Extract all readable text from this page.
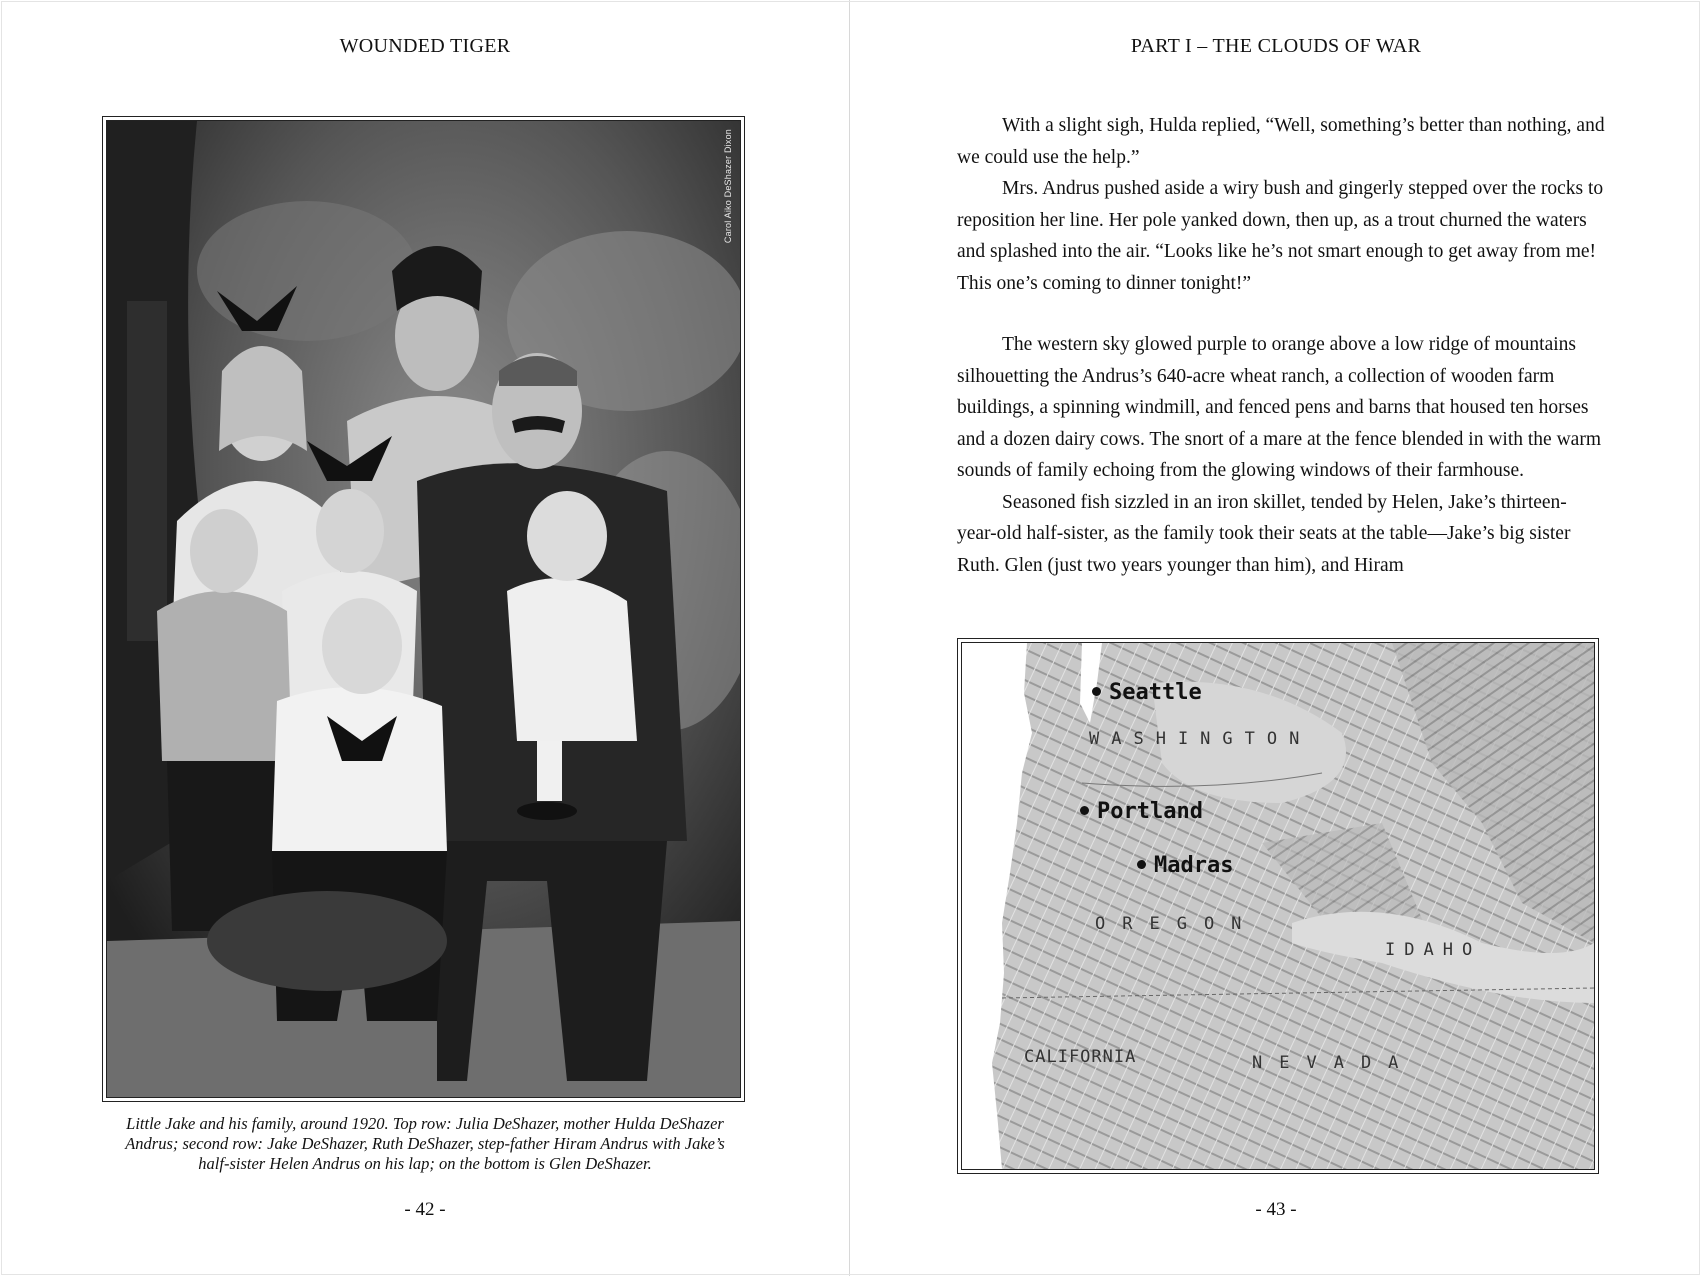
WOUNDED TIGER
Carol Aiko DeShazer Dixon

Little Jake and his family, around 1920. Top row: Julia DeShazer, mother Hulda DeShazer Andrus; second row: Jake DeShazer, Ruth DeShazer, step-father Hiram Andrus with Jake’s half-sister Helen Andrus on his lap; on the bottom is Glen DeShazer.

- 42 -
PART I – THE CLOUDS OF WAR

With a slight sigh, Hulda replied, “Well, something’s better than nothing, and we could use the help.”

Mrs. Andrus pushed aside a wiry bush and gingerly stepped over the rocks to reposition her line. Her pole yanked down, then up, as a trout churned the waters and splashed into the air. “Looks like he’s not smart enough to get away from me! This one’s coming to dinner tonight!”

The western sky glowed purple to orange above a low ridge of mountains silhouetting the Andrus’s 640-acre wheat ranch, a collection of wooden farm buildings, a spinning windmill, and fenced pens and barns that housed ten horses and a dozen dairy cows. The snort of a mare at the fence blended in with the warm sounds of family echoing from the glowing windows of their farmhouse.

Seasoned fish sizzled in an iron skillet, tended by Helen, Jake’s thirteen- year-old half-sister, as the family took their seats at the table—Jake’s big sister Ruth. Glen (just two years younger than him), and Hiram

Seattle
WASHINGTON
Portland
Madras
OREGON
IDAHO
CALIFORNIA	NEVADA
- 43 -
